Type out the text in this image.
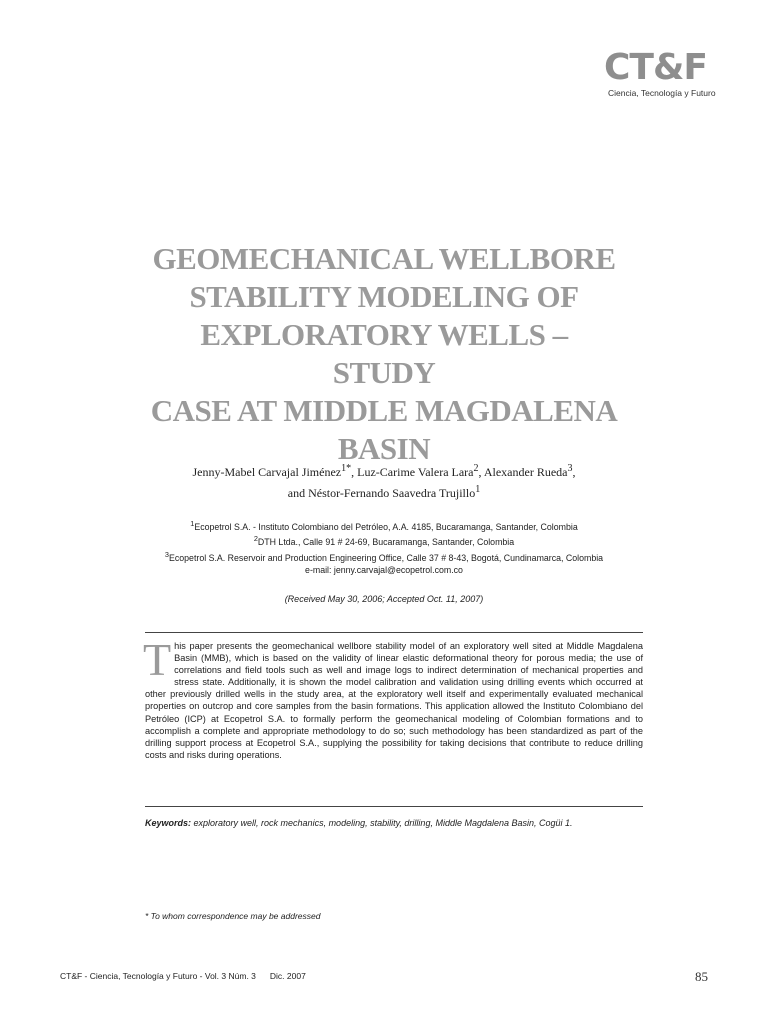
CT&F
Ciencia, Tecnología y Futuro
GEOMECHANICAL WELLBORE
STABILITY MODELING OF
EXPLORATORY WELLS – STUDY
CASE AT MIDDLE MAGDALENA
BASIN

Jenny-Mabel Carvajal Jiménez$^{1*}$, Luz-Carime Valera Lara$^2$, Alexander Rueda$^3$,
and Néstor-Fernando Saavedra Trujillo$^1$

$^1$Ecopetrol S.A. - Instituto Colombiano del Petróleo, A.A. 4185, Bucaramanga, Santander, Colombia
$^2$DTH Ltda., Calle 91 # 24-69, Bucaramanga, Santander, Colombia
$^3$Ecopetrol S.A. Reservoir and Production Engineering Office, Calle 37 # 8-43, Bogotá, Cundinamarca, Colombia
e-mail: jenny.carvajal@ecopetrol.com.co
(Received May 30, 2006; Accepted Oct. 11, 2007)

This paper presents the geomechanical wellbore stability model of an exploratory well sited at Middle Magdalena Basin (MMB), which is based on the validity of linear elastic deformational theory for porous media; the use of correlations and field tools such as well and image logs to indirect determination of mechanical properties and stress state. Additionally, it is shown the model calibration and validation using drilling events which occurred at other previously drilled wells in the study area, at the exploratory well itself and experimentally evaluated mechanical properties on outcrop and core samples from the basin formations. This application allowed the Instituto Colombiano del Petróleo (ICP) at Ecopetrol S.A. to formally perform the geomechanical modeling of Colombian formations and to accomplish a complete and appropriate methodology to do so; such methodology has been standardized as part of the drilling support process at Ecopetrol S.A., supplying the possibility for taking decisions that contribute to reduce drilling costs and risks during operations.

Keywords: exploratory well, rock mechanics, modeling, stability, drilling, Middle Magdalena Basin, Cogüi 1.
* To whom correspondence may be addressed
CT&F - Ciencia, Tecnología y Futuro - Vol. 3 Núm. 3 Dic. 2007	85
